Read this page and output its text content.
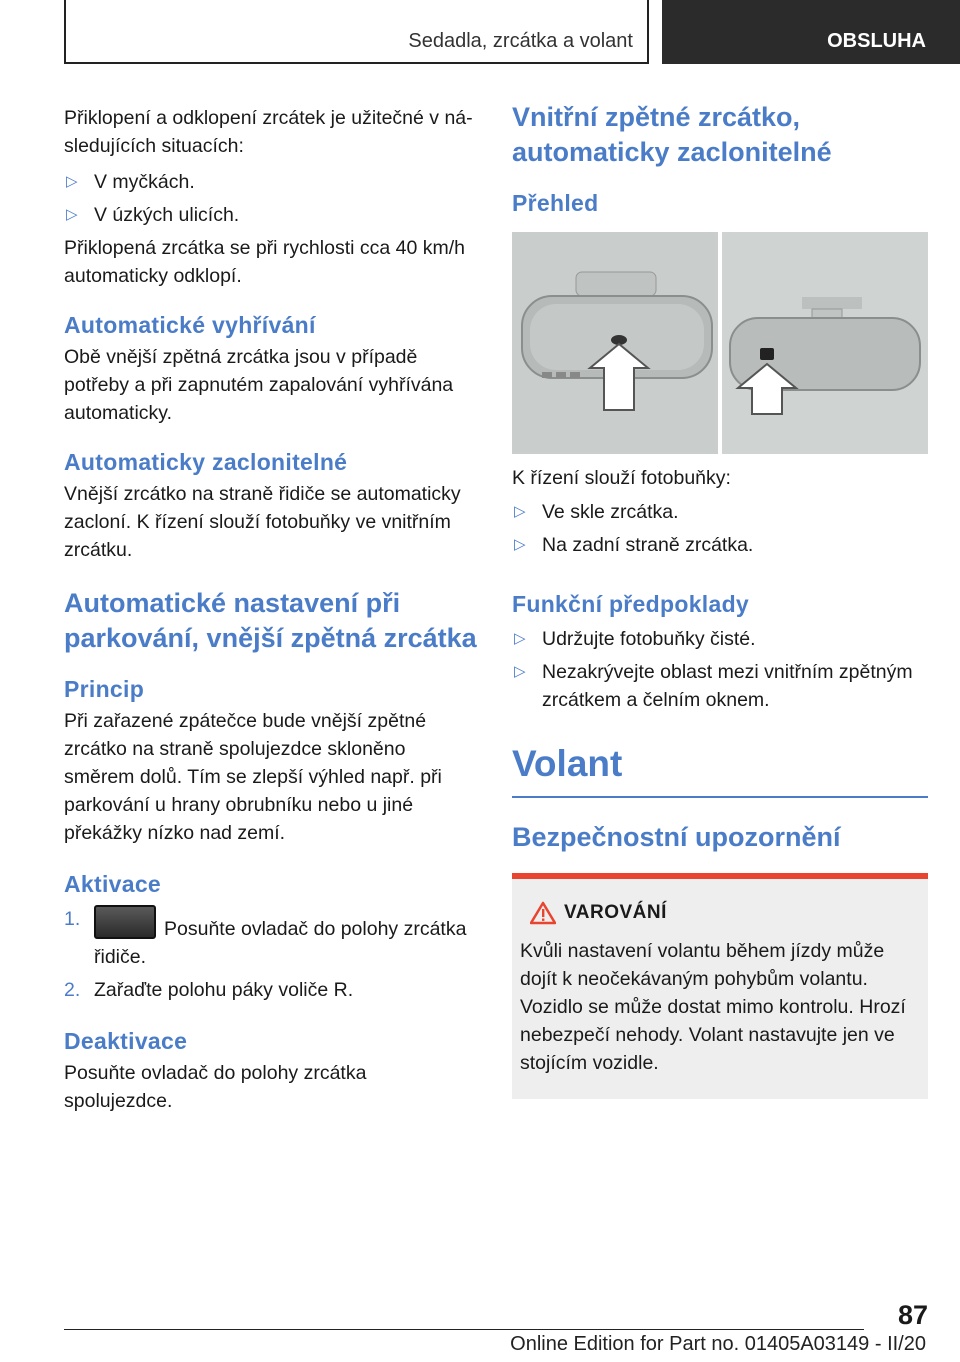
Sedadla, zrcátka a volant	OBSLUHA

Přiklopení a odklopení zrcátek je užitečné v následujících situacích:

▷ V myčkách.
▷ V úzkých ulicích.

Přiklopená zrcátka se při rychlosti cca 40 km/h automaticky odklopí.

Automatické vyhřívání

Obě vnější zpětná zrcátka jsou v případě potřeby a při zapnutém zapalování vyhřívána automaticky.

Automaticky zaclonitelné

Vnější zrcátko na straně řidiče se automaticky zacloní. K řízení slouží fotobuňky ve vnitřním zrcátku.

Automatické nastavení při parkování, vnější zpětná zrcátka
Princip

Při zařazené zpátečce bude vnější zpětné zrcátko na straně spolujezdce skloněno směrem dolů. Tím se zlepší výhled např. při parkování u hrany obrubníku nebo u jiné překážky nízko nad zemí.

Aktivace
1.	Posuňte ovladač do polohy zrcátka řidiče.
2. Zařaďte polohu páky voliče R.
Deaktivace

Posuňte ovladač do polohy zrcátka spolujezdce.

Vnitřní zpětné zrcátko, automaticky zaclonitelné
Přehled

K řízení slouží fotobuňky:

▷ Ve skle zrcátka.
▷ Na zadní straně zrcátka.
Funkční předpoklady
▷ Udržujte fotobuňky čisté.
▷ Nezakrývejte oblast mezi vnitřním zpětným zrcátkem a čelním oknem.
Volant
Bezpečnostní upozornění
VAROVÁNÍ

Kvůli nastavení volantu během jízdy může dojít k neočekávaným pohybům volantu. Vozidlo se může dostat mimo kontrolu. Hrozí nebezpečí nehody. Volant nastavujte jen ve stojícím vozidle.

87
Online Edition for Part no. 01405A03149 - II/20
